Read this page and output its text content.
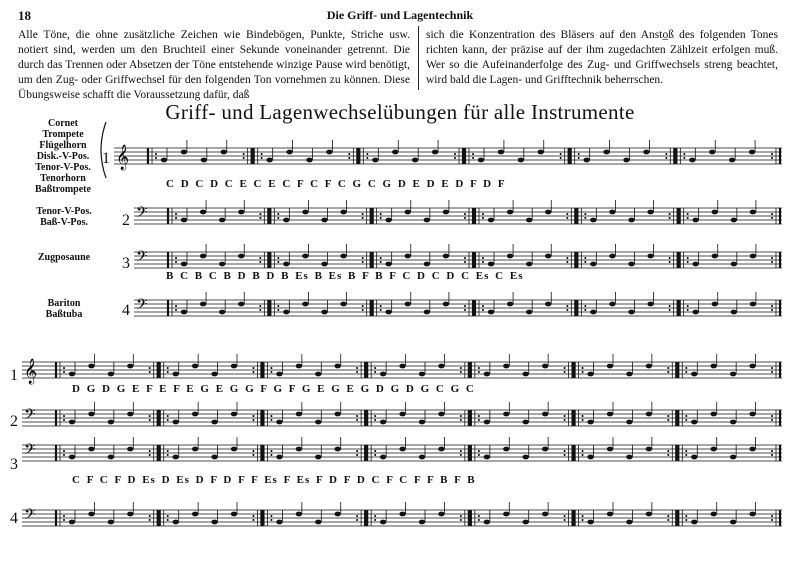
18	Die Griff- und Lagentechnik
Alle Töne, die ohne zusätzliche Zeichen wie Bindebögen, Punkte, Striche usw. notiert sind, werden um den Bruchteil einer Sekunde voneinander getrennt. Die durch das Trennen oder Absetzen der Töne entstehende winzige Pause wird benötigt, um den Zug- oder Griffwechsel für den folgenden Ton vornehmen zu können. Diese Übungsweise schafft die Voraussetzung dafür, daß
sich die Konzentration des Bläsers auf den Ansto̲ß des folgenden Tones richten kann, der präzise auf der ihm zugedachten Zählzeit erfolgen muß. Wer so die Aufeinanderfolge des Zug- und Griffwechsels streng beachtet, wird bald die Lagen- und Grifftechnik beherrschen.
Griff- und Lagenwechselübungen für alle Instrumente
Cornet
Trompete
Flügelhorn
Disk.-V-Pos.
Tenor-V-Pos.
Tenorhorn
Baßtrompete
Tenor-V-Pos.
Baß-V-Pos.
Zugposaune
Bariton
Baßtuba
1
2
3
4
1
2
3
4
C D C D C E C E C F C F C G C G D E D E D F D F
B C B C B D B D B Es B Es B F B F C D C D C Es C Es
D G D G E F E F E G E G G F G F G E G E G D G D G C G C
C F C F D Es D Es D F D F F Es F Es F D F D C F C F F B F B
𝄞
𝄢
𝄢
𝄢
𝄞
𝄢
𝄢
𝄢
